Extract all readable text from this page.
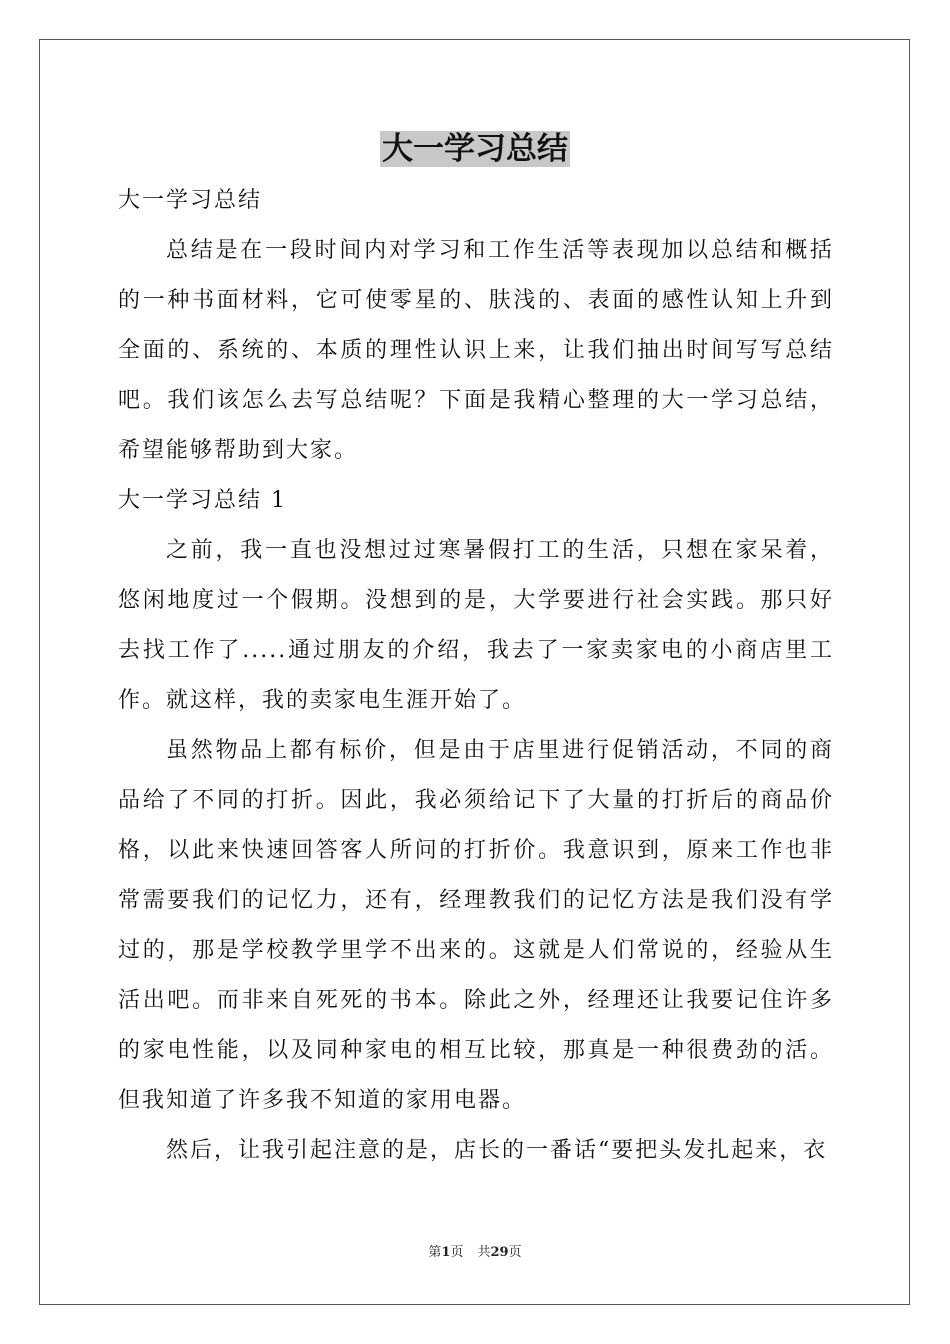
大一学习总结

大一学习总结

总结是在一段时间内对学习和工作生活等表现加以总结和概括的一种书面材料，它可使零星的、肤浅的、表面的感性认知上升到全面的、系统的、本质的理性认识上来，让我们抽出时间写写总结吧。我们该怎么去写总结呢？下面是我精心整理的大一学习总结，希望能够帮助到大家。

大一学习总结 1

之前，我一直也没想过过寒暑假打工的生活，只想在家呆着，悠闲地度过一个假期。没想到的是，大学要进行社会实践。那只好去找工作了.....通过朋友的介绍，我去了一家卖家电的小商店里工作。就这样，我的卖家电生涯开始了。

虽然物品上都有标价，但是由于店里进行促销活动，不同的商品给了不同的打折。因此，我必须给记下了大量的打折后的商品价格，以此来快速回答客人所问的打折价。我意识到，原来工作也非常需要我们的记忆力，还有，经理教我们的记忆方法是我们没有学过的，那是学校教学里学不出来的。这就是人们常说的，经验从生活出吧。而非来自死死的书本。除此之外，经理还让我要记住许多的家电性能，以及同种家电的相互比较，那真是一种很费劲的活。但我知道了许多我不知道的家用电器。

然后，让我引起注意的是，店长的一番话“要把头发扎起来，衣

第1页 共29页
